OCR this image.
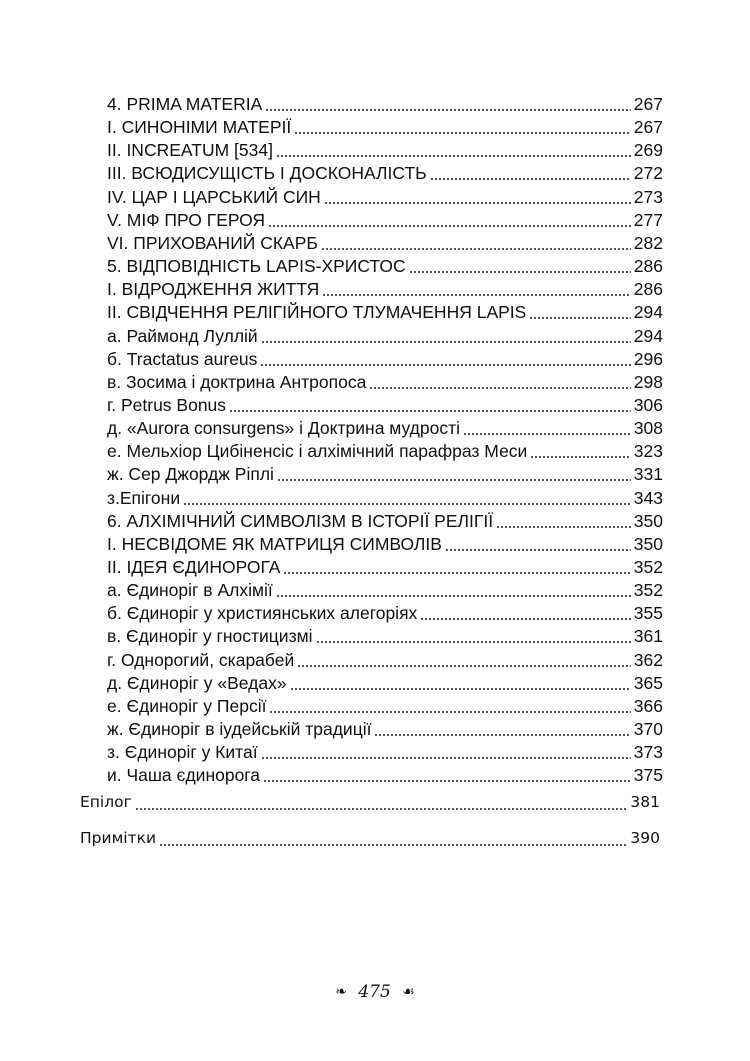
4. PRIMA MATERIA	267
I. СИНОНІМИ МАТЕРІЇ	267
II. INCREATUM [534]	269
III. ВСЮДИСУЩІСТЬ І ДОСКОНАЛІСТЬ	272
IV. ЦАР І ЦАРСЬКИЙ СИН	273
V. МІФ ПРО ГЕРОЯ	277
VI. ПРИХОВАНИЙ СКАРБ	282
5. ВІДПОВІДНІСТЬ LAPIS-ХРИСТОС	286
I. ВІДРОДЖЕННЯ ЖИТТЯ	286
II. СВІДЧЕННЯ РЕЛІГІЙНОГО ТЛУМАЧЕННЯ LAPIS	294
а. Раймонд Луллій	294
б. Tractatus aureus	296
в. Зосима і доктрина Антропоса	298
г. Petrus Bonus	306
д. «Aurora consurgens» і Доктрина мудрості	308
е. Мельхіор Цибіненсіс і алхімічний парафраз Меси	323
ж. Сер Джордж Ріплі	331
з.Епігони	343
6. АЛХІМІЧНИЙ СИМВОЛІЗМ В ІСТОРІЇ РЕЛІГІЇ	350
I. НЕСВІДОМЕ ЯК МАТРИЦЯ СИМВОЛІВ	350
II. ІДЕЯ ЄДИНОРОГА	352
а. Єдиноріг в Алхімії	352
б. Єдиноріг у християнських алегоріях	355
в. Єдиноріг у гностицизмі	361
г. Однорогий, скарабей	362
д. Єдиноріг у «Ведах»	365
е. Єдиноріг у Персії	366
ж. Єдиноріг в іудейській традиції	370
з. Єдиноріг у Китаї	373
и. Чаша єдинорога	375
Епілог	381
Примітки	390
❧ 475 ☙
